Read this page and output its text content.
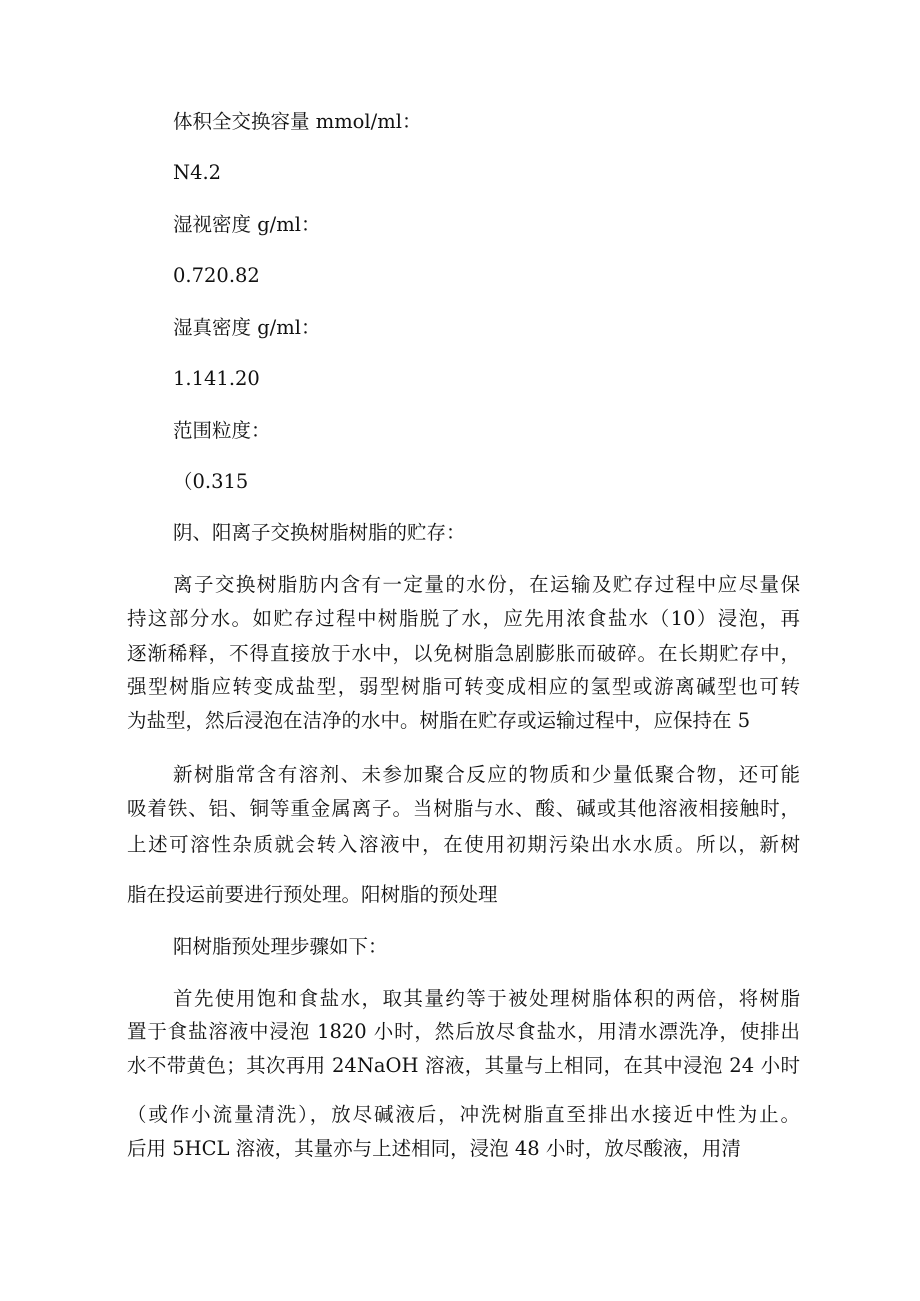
体积全交换容量 mmol/ml：
N4.2
湿视密度 g/ml：
0.720.82
湿真密度 g/ml：
1.141.20
范围粒度：
（0.315
阴、阳离子交换树脂树脂的贮存：
离子交换树脂肪内含有一定量的水份，在运输及贮存过程中应尽量保
持这部分水。如贮存过程中树脂脱了水，应先用浓食盐水（10）浸泡，再
逐渐稀释，不得直接放于水中，以免树脂急剧膨胀而破碎。在长期贮存中，
强型树脂应转变成盐型，弱型树脂可转变成相应的氢型或游离碱型也可转
为盐型，然后浸泡在洁净的水中。树脂在贮存或运输过程中，应保持在 5
新树脂常含有溶剂、未参加聚合反应的物质和少量低聚合物，还可能
吸着铁、铝、铜等重金属离子。当树脂与水、酸、碱或其他溶液相接触时，
上述可溶性杂质就会转入溶液中，在使用初期污染出水水质。所以，新树
脂在投运前要进行预处理。阳树脂的预处理
阳树脂预处理步骤如下：
首先使用饱和食盐水，取其量约等于被处理树脂体积的两倍，将树脂
置于食盐溶液中浸泡 1820 小时，然后放尽食盐水，用清水漂洗净，使排出
水不带黄色；其次再用 24NaOH 溶液，其量与上相同，在其中浸泡 24 小时
（或作小流量清洗），放尽碱液后，冲洗树脂直至排出水接近中性为止。
后用 5HCL 溶液，其量亦与上述相同，浸泡 48 小时，放尽酸液，用清
